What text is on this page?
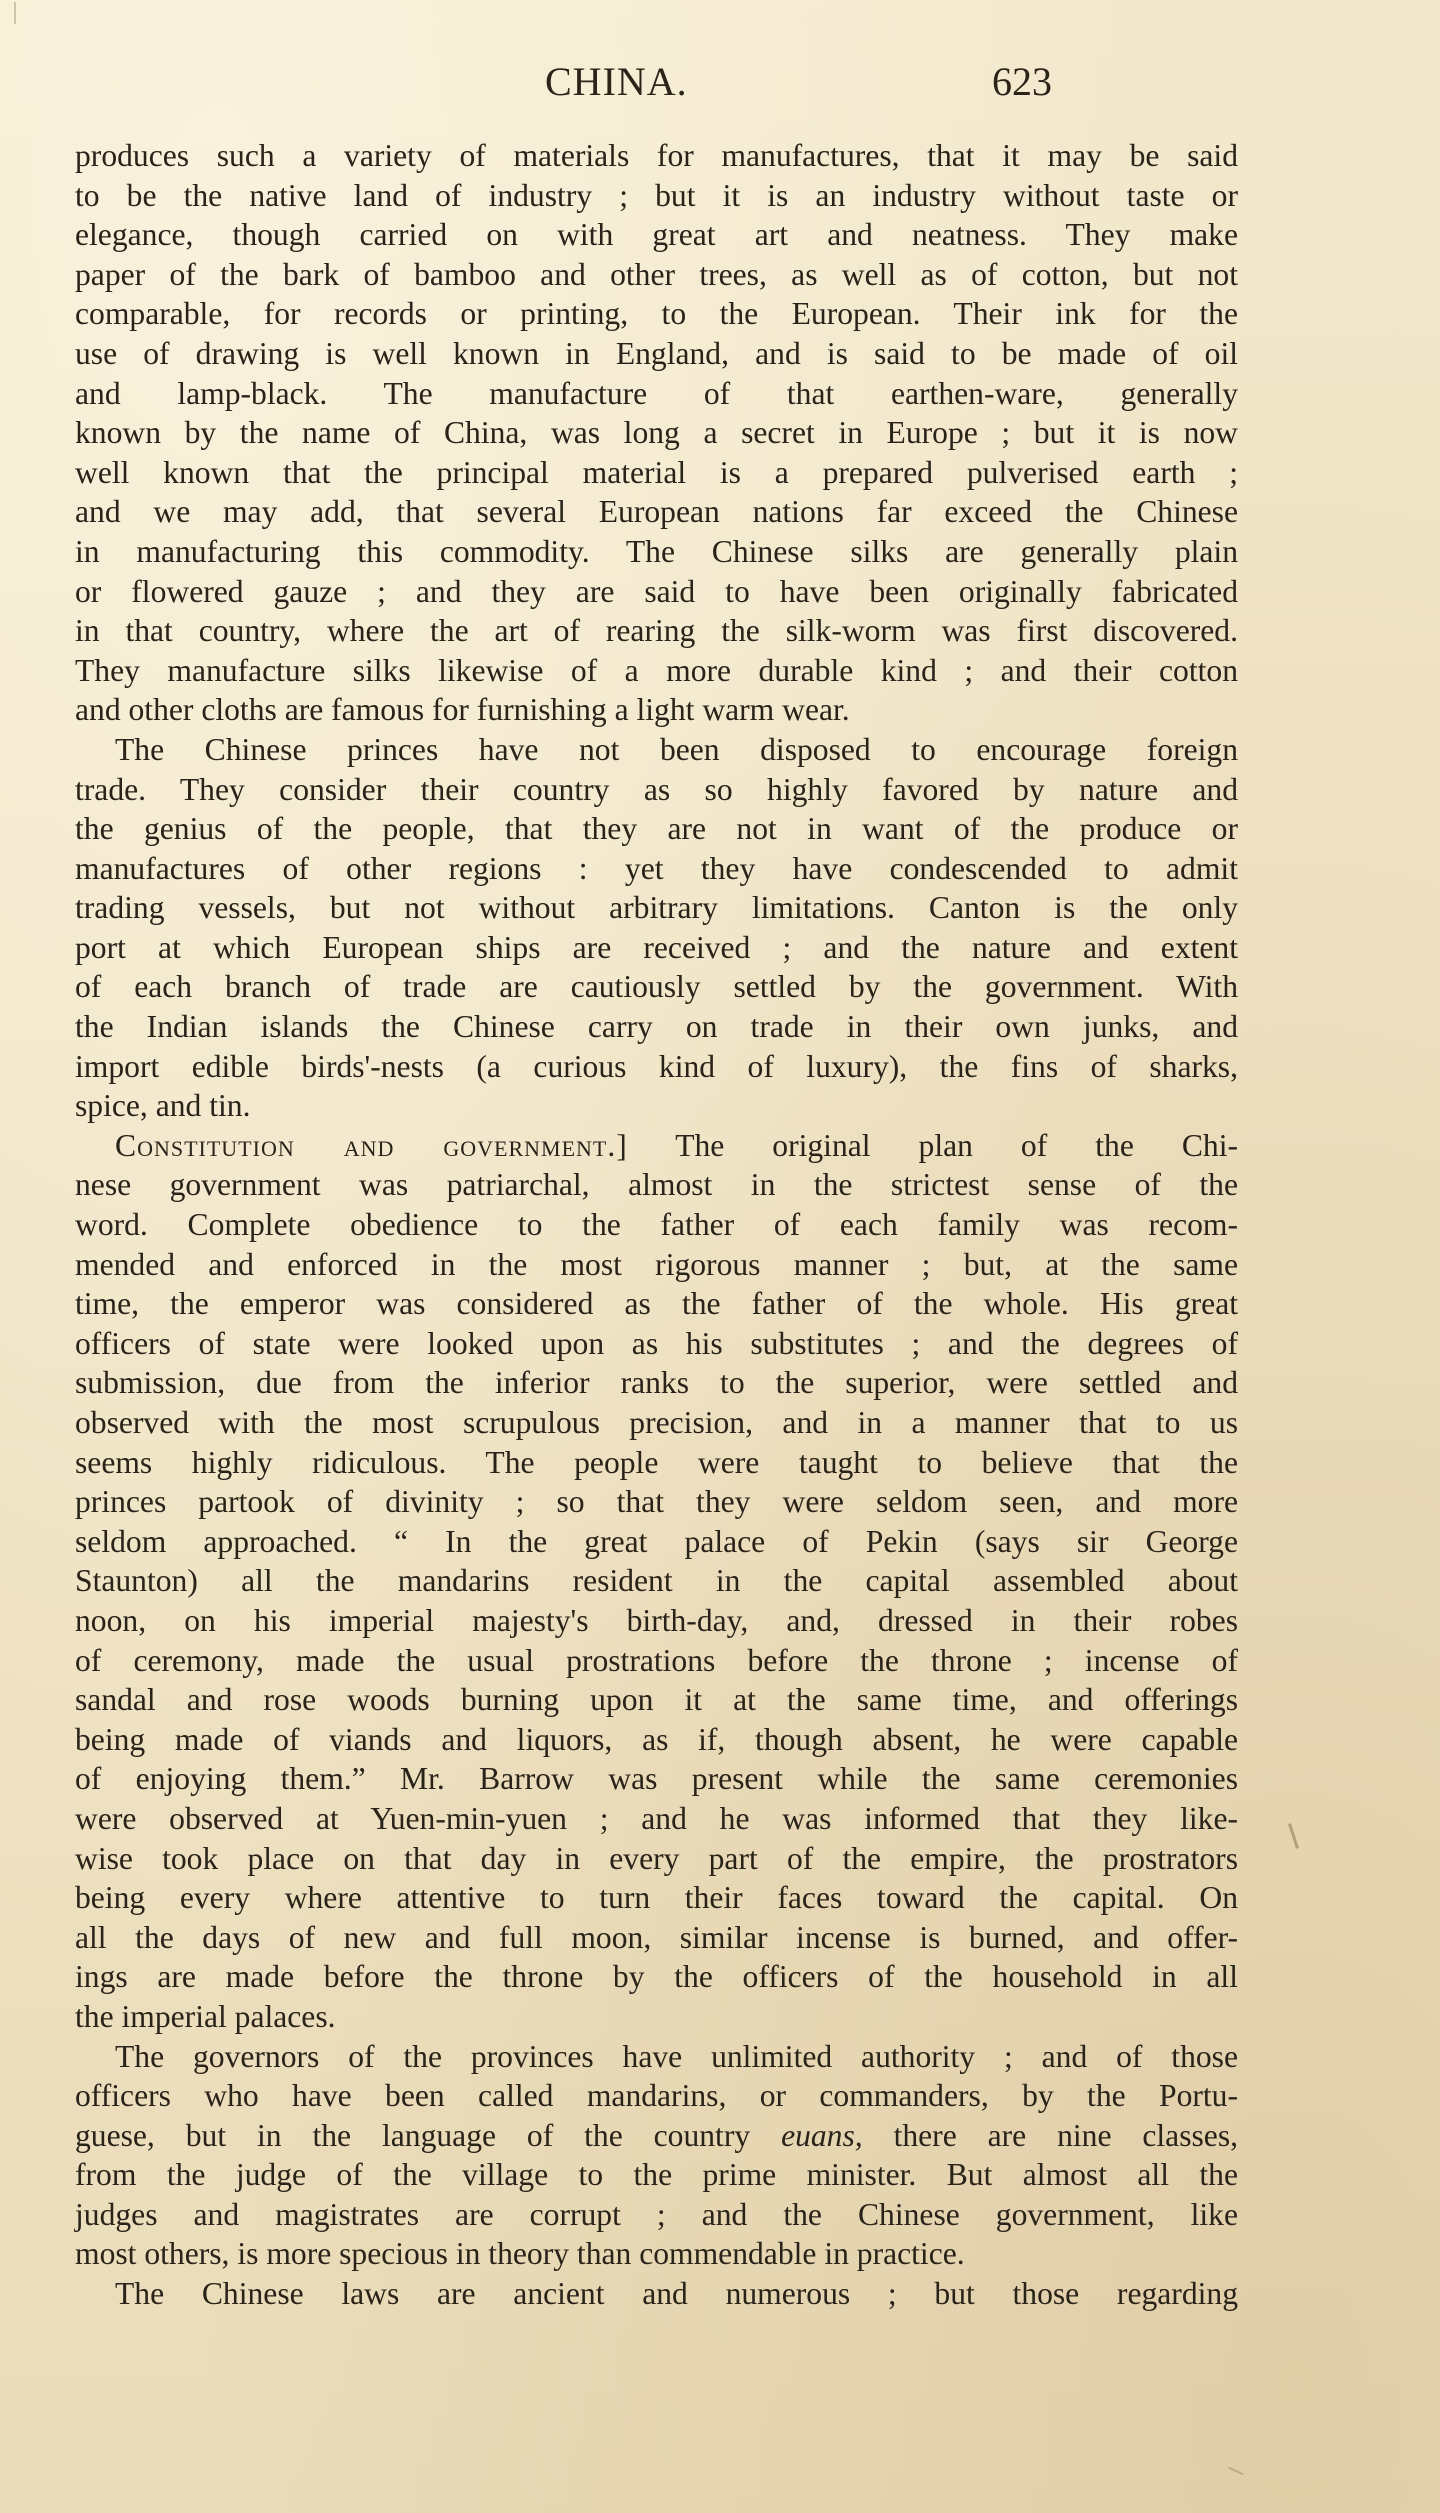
CHINA.	623
produces such a variety of materials for manufactures, that it may be said
to be the native land of industry ; but it is an industry without taste or
elegance, though carried on with great art and neatness. They make
paper of the bark of bamboo and other trees, as well as of cotton, but not
comparable, for records or printing, to the European. Their ink for the
use of drawing is well known in England, and is said to be made of oil
and lamp-black. The manufacture of that earthen-ware, generally
known by the name of China, was long a secret in Europe ; but it is now
well known that the principal material is a prepared pulverised earth ;
and we may add, that several European nations far exceed the Chinese
in manufacturing this commodity. The Chinese silks are generally plain
or flowered gauze ; and they are said to have been originally fabricated
in that country, where the art of rearing the silk-worm was first discovered.
They manufacture silks likewise of a more durable kind ; and their cotton
and other cloths are famous for furnishing a light warm wear.
The Chinese princes have not been disposed to encourage foreign
trade. They consider their country as so highly favored by nature and
the genius of the people, that they are not in want of the produce or
manufactures of other regions : yet they have condescended to admit
trading vessels, but not without arbitrary limitations. Canton is the only
port at which European ships are received ; and the nature and extent
of each branch of trade are cautiously settled by the government. With
the Indian islands the Chinese carry on trade in their own junks, and
import edible birds'-nests (a curious kind of luxury), the fins of sharks,
spice, and tin.
Constitution and government.] The original plan of the Chi-
nese government was patriarchal, almost in the strictest sense of the
word. Complete obedience to the father of each family was recom-
mended and enforced in the most rigorous manner ; but, at the same
time, the emperor was considered as the father of the whole. His great
officers of state were looked upon as his substitutes ; and the degrees of
submission, due from the inferior ranks to the superior, were settled and
observed with the most scrupulous precision, and in a manner that to us
seems highly ridiculous. The people were taught to believe that the
princes partook of divinity ; so that they were seldom seen, and more
seldom approached. “ In the great palace of Pekin (says sir George
Staunton) all the mandarins resident in the capital assembled about
noon, on his imperial majesty's birth-day, and, dressed in their robes
of ceremony, made the usual prostrations before the throne ; incense of
sandal and rose woods burning upon it at the same time, and offerings
being made of viands and liquors, as if, though absent, he were capable
of enjoying them.” Mr. Barrow was present while the same ceremonies
were observed at Yuen-min-yuen ; and he was informed that they like-
wise took place on that day in every part of the empire, the prostrators
being every where attentive to turn their faces toward the capital. On
all the days of new and full moon, similar incense is burned, and offer-
ings are made before the throne by the officers of the household in all
the imperial palaces.
The governors of the provinces have unlimited authority ; and of those
officers who have been called mandarins, or commanders, by the Portu-
guese, but in the language of the country euans, there are nine classes,
from the judge of the village to the prime minister. But almost all the
judges and magistrates are corrupt ; and the Chinese government, like
most others, is more specious in theory than commendable in practice.
The Chinese laws are ancient and numerous ; but those regarding
